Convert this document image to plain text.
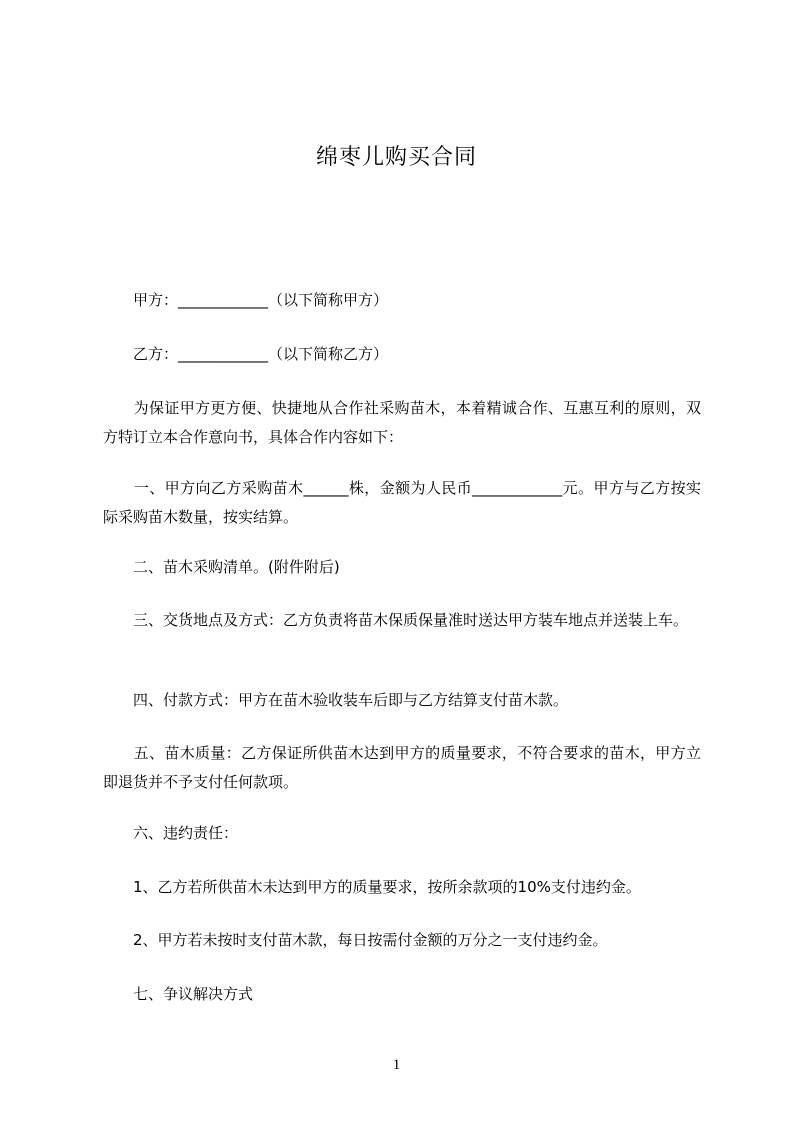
绵枣儿购买合同
　　甲方：____________（以下简称甲方）
　　乙方：____________（以下简称乙方）
　　为保证甲方更方便、快捷地从合作社采购苗木，本着精诚合作、互惠互利的原则，双方特订立本合作意向书，具体合作内容如下：
　　一、甲方向乙方采购苗木______株，金额为人民币____________元。甲方与乙方按实际采购苗木数量，按实结算。
　　二、苗木采购清单。(附件附后)
　　三、交货地点及方式：乙方负责将苗木保质保量准时送达甲方装车地点并送装上车。
　　四、付款方式：甲方在苗木验收装车后即与乙方结算支付苗木款。
　　五、苗木质量：乙方保证所供苗木达到甲方的质量要求，不符合要求的苗木，甲方立即退货并不予支付任何款项。
　　六、违约责任：
　　1、乙方若所供苗木未达到甲方的质量要求，按所余款项的10%支付违约金。
　　2、甲方若未按时支付苗木款，每日按需付金额的万分之一支付违约金。
　　七、争议解决方式
1
